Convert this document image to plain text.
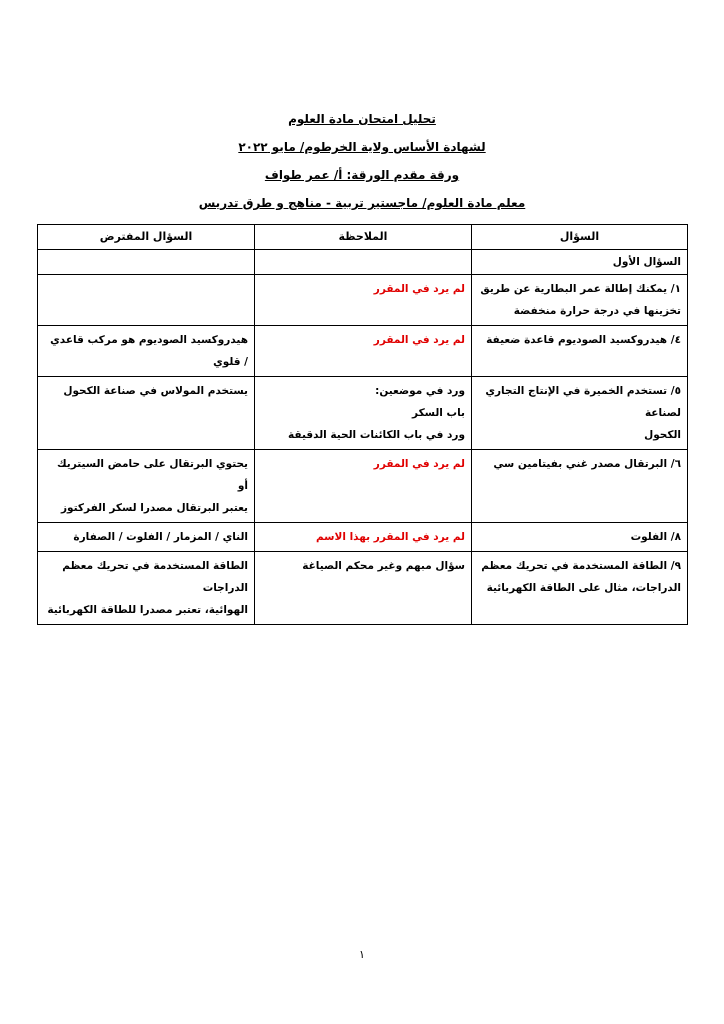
تحليل امتحان مادة العلوم
لشهادة الأساس ولاية الخرطوم/ مايو ٢٠٢٢
ورقة مقدم الورقة: أ/ عمر طواف
معلم مادة العلوم/ ماجستير تربية - مناهج و طرق تدريس
السؤال	الملاحظة	السؤال المفترض
السؤال الأول		

١/ يمكنك إطالة عمر البطارية عن طريق
تخزينها في درجة حرارة منخفضة	لم يرد في المقرر	

٤/ هيدروكسيد الصوديوم قاعدة ضعيفة	لم يرد في المقرر	هيدروكسيد الصوديوم هو مركب قاعدي / قلوي

٥/ تستخدم الخميرة في الإنتاج التجاري لصناعة
الكحول	ورد في موضعين:
باب السكر
ورد في باب الكائنات الحية الدقيقة	يستخدم المولاس في صناعة الكحول

٦/ البرتقال مصدر غني بفيتامين سي	لم يرد في المقرر	يحتوي البرتقال على حامض السيتريك
أو
يعتبر البرتقال مصدرا لسكر الفركتوز

٨/ الفلوت	لم يرد في المقرر بهذا الاسم	الناي / المزمار / الفلوت / الصفارة

٩/ الطاقة المستخدمة في تحريك معظم
الدراجات، مثال على الطاقة الكهربائية	سؤال مبهم وغير محكم الصياغة	الطاقة المستخدمة في تحريك معظم الدراجات
الهوائية، تعتبر مصدرا للطاقة الكهربائية
١
